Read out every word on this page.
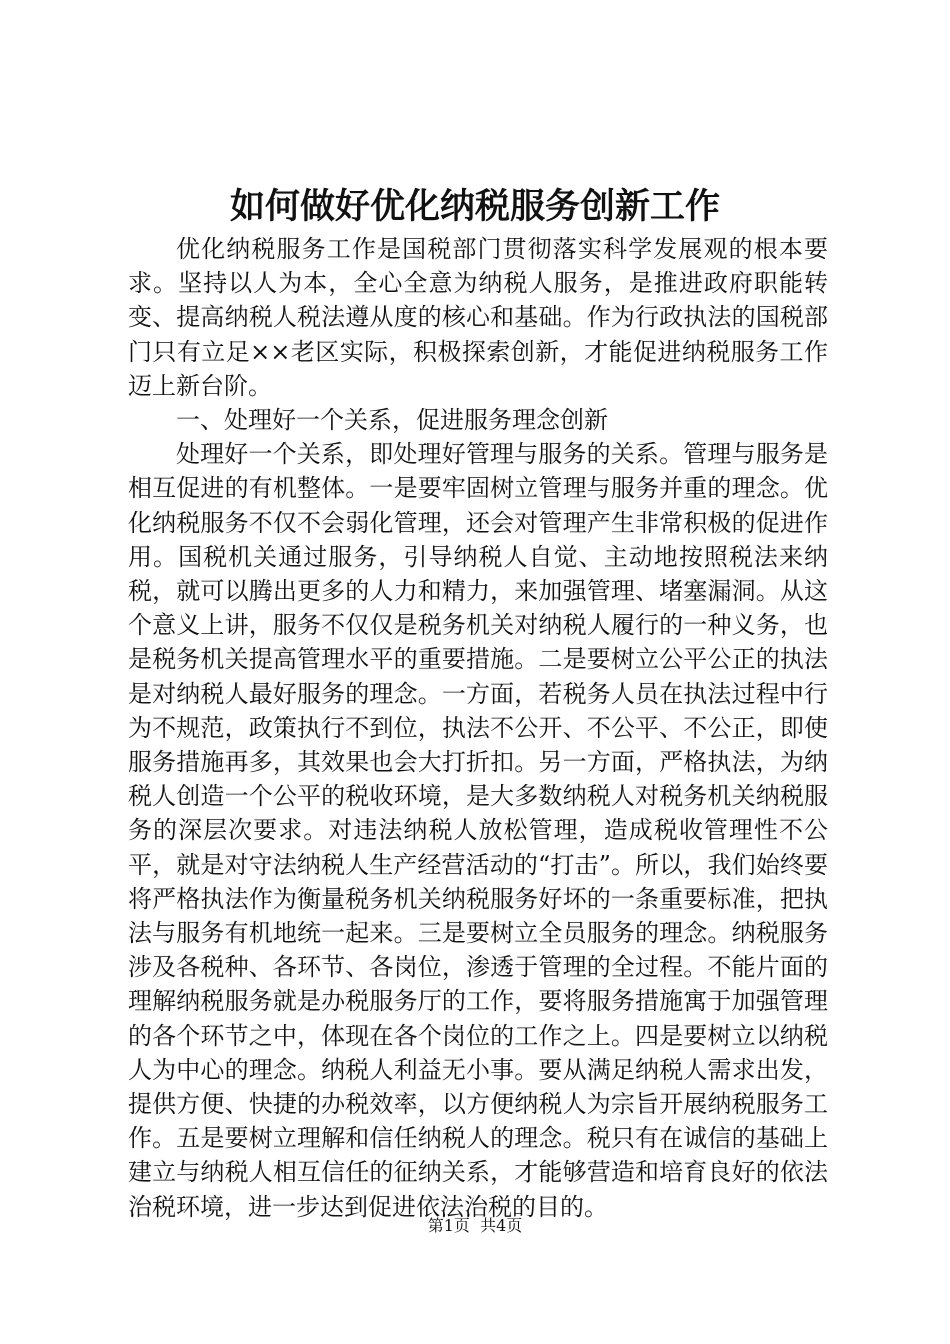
如何做好优化纳税服务创新工作

优化纳税服务工作是国税部门贯彻落实科学发展观的根本要求。坚持以人为本，全心全意为纳税人服务，是推进政府职能转变、提高纳税人税法遵从度的核心和基础。作为行政执法的国税部门只有立足××老区实际，积极探索创新，才能促进纳税服务工作迈上新台阶。

一、处理好一个关系，促进服务理念创新

处理好一个关系，即处理好管理与服务的关系。管理与服务是相互促进的有机整体。一是要牢固树立管理与服务并重的理念。优化纳税服务不仅不会弱化管理，还会对管理产生非常积极的促进作用。国税机关通过服务，引导纳税人自觉、主动地按照税法来纳税，就可以腾出更多的人力和精力，来加强管理、堵塞漏洞。从这个意义上讲，服务不仅仅是税务机关对纳税人履行的一种义务，也是税务机关提高管理水平的重要措施。二是要树立公平公正的执法是对纳税人最好服务的理念。一方面，若税务人员在执法过程中行为不规范，政策执行不到位，执法不公开、不公平、不公正，即使服务措施再多，其效果也会大打折扣。另一方面，严格执法，为纳税人创造一个公平的税收环境，是大多数纳税人对税务机关纳税服务的深层次要求。对违法纳税人放松管理，造成税收管理性不公平，就是对守法纳税人生产经营活动的“打击”。所以，我们始终要将严格执法作为衡量税务机关纳税服务好坏的一条重要标准，把执法与服务有机地统一起来。三是要树立全员服务的理念。纳税服务涉及各税种、各环节、各岗位，渗透于管理的全过程。不能片面的理解纳税服务就是办税服务厅的工作，要将服务措施寓于加强管理的各个环节之中，体现在各个岗位的工作之上。四是要树立以纳税人为中心的理念。纳税人利益无小事。要从满足纳税人需求出发，提供方便、快捷的办税效率，以方便纳税人为宗旨开展纳税服务工作。五是要树立理解和信任纳税人的理念。税只有在诚信的基础上建立与纳税人相互信任的征纳关系，才能够营造和培育良好的依法治税环境，进一步达到促进依法治税的目的。

第1页 共4页
